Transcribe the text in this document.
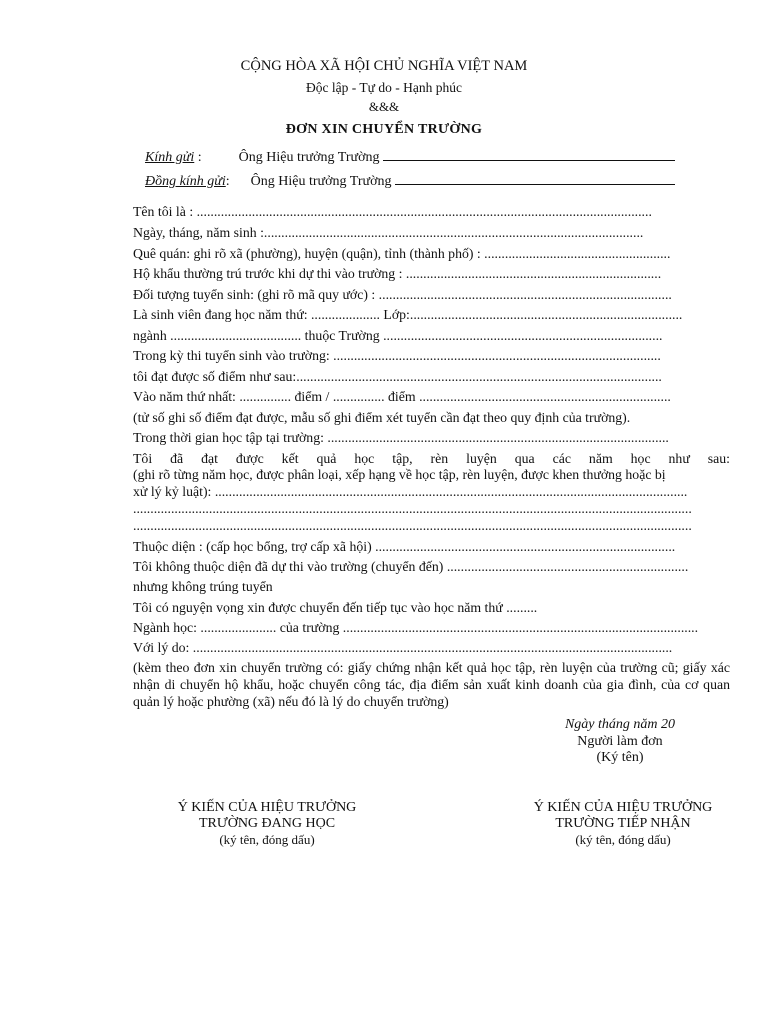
CỘNG HÒA XÃ HỘI CHỦ NGHĨA VIỆT NAM
Độc lập - Tự do - Hạnh phúc
&&&
ĐƠN XIN CHUYỂN TRƯỜNG
Kính gửi :	Ông Hiệu trưởng Trường
Đồng kính gửi: Ông Hiệu trưởng Trường
Tên tôi là : ....................................................................................................................................
Ngày, tháng, năm sinh :..............................................................................................................
Quê quán: ghi rõ xã (phường), huyện (quận), tỉnh (thành phố) : ......................................................
Hộ khẩu thường trú trước khi dự thi vào trường : ..........................................................................
Đối tượng tuyển sinh: (ghi rõ mã quy ước) : .....................................................................................
Là sinh viên đang học năm thứ: .................... Lớp:...............................................................................
ngành ...................................... thuộc Trường .................................................................................
Trong kỳ thi tuyển sinh vào trường: ...............................................................................................
tôi đạt được số điểm như sau:..........................................................................................................
Vào năm thứ nhất: ............... điểm / ............... điểm .........................................................................
(tử số ghi số điểm đạt được, mẫu số ghi điểm xét tuyển cần đạt theo quy định của trường).
Trong thời gian học tập tại trường: ...................................................................................................
Tôi đã đạt được kết quả học tập, rèn luyện qua các năm học như sau:
(ghi rõ từng năm học, được phân loại, xếp hạng về học tập, rèn luyện, được khen thưởng hoặc bị
xử lý kỷ luật): .........................................................................................................................................
..................................................................................................................................................................
..................................................................................................................................................................
Thuộc diện : (cấp học bổng, trợ cấp xã hội) .......................................................................................
Tôi không thuộc diện đã dự thi vào trường (chuyển đến) ......................................................................
nhưng không trúng tuyển
Tôi có nguyện vọng xin được chuyển đến tiếp tục vào học năm thứ .........
Ngành học: ...................... của trường .......................................................................................................
Với lý do: ...........................................................................................................................................
(kèm theo đơn xin chuyển trường có: giấy chứng nhận kết quả học tập, rèn luyện của trường cũ; giấy xác nhận di chuyển hộ khẩu, hoặc chuyển công tác, địa điểm sản xuất kinh doanh của gia đình, của cơ quan quản lý hoặc phường (xã) nếu đó là lý do chuyển trường)
Ngày tháng năm 20
Người làm đơn
(Ký tên)
Ý KIẾN CỦA HIỆU TRƯỞNG
TRƯỜNG ĐANG HỌC
(ký tên, đóng dấu)
Ý KIẾN CỦA HIỆU TRƯỞNG
TRƯỜNG TIẾP NHẬN
(ký tên, đóng dấu)
